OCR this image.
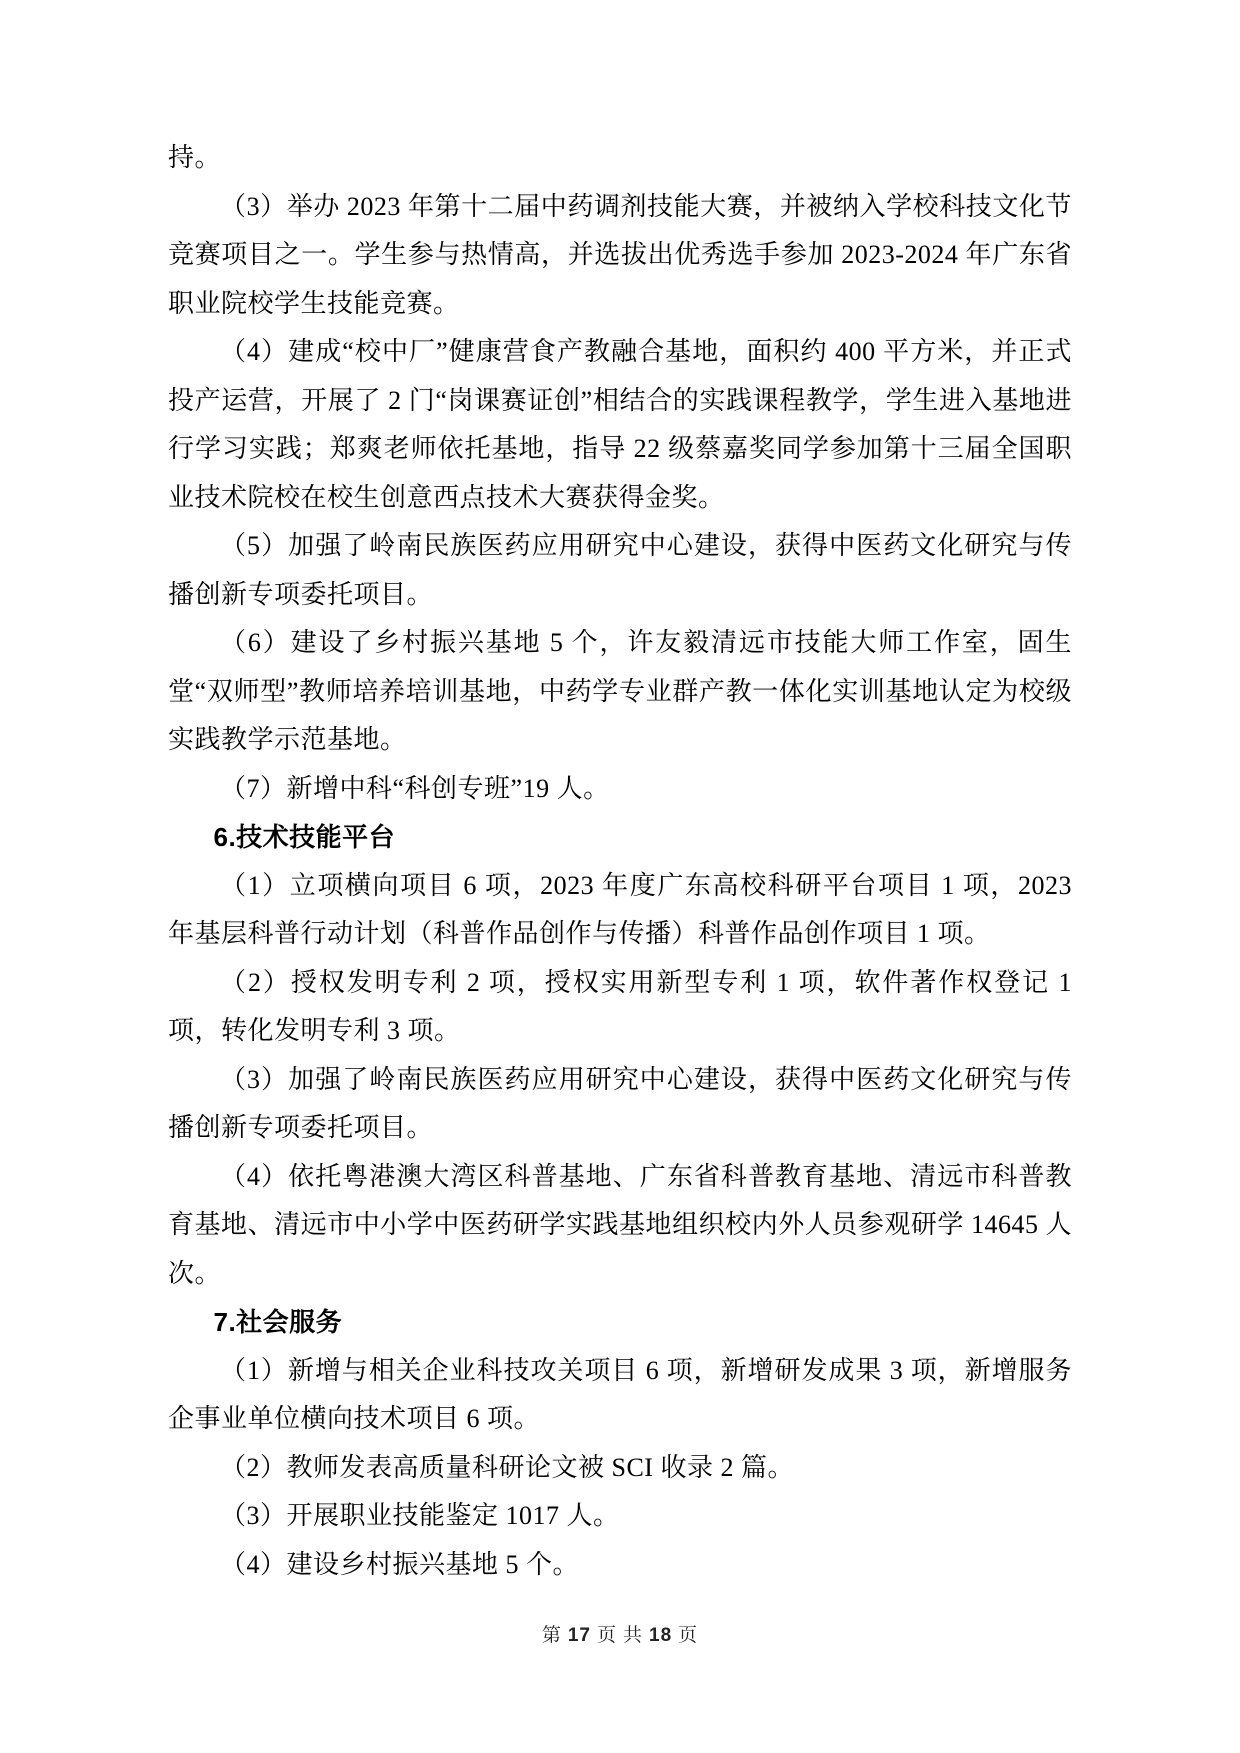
持。

（3）举办 2023 年第十二届中药调剂技能大赛，并被纳入学校科技文化节竞赛项目之一。学生参与热情高，并选拔出优秀选手参加 2023-2024 年广东省职业院校学生技能竞赛。

（4）建成“校中厂”健康营食产教融合基地，面积约 400 平方米，并正式投产运营，开展了 2 门“岗课赛证创”相结合的实践课程教学，学生进入基地进行学习实践；郑爽老师依托基地，指导 22 级蔡嘉奖同学参加第十三届全国职业技术院校在校生创意西点技术大赛获得金奖。

（5）加强了岭南民族医药应用研究中心建设，获得中医药文化研究与传播创新专项委托项目。

（6）建设了乡村振兴基地 5 个，许友毅清远市技能大师工作室，固生堂“双师型”教师培养培训基地，中药学专业群产教一体化实训基地认定为校级实践教学示范基地。

（7）新增中科“科创专班”19 人。

6.技术技能平台

（1）立项横向项目 6 项，2023 年度广东高校科研平台项目 1 项，2023 年基层科普行动计划（科普作品创作与传播）科普作品创作项目 1 项。

（2）授权发明专利 2 项，授权实用新型专利 1 项，软件著作权登记 1 项，转化发明专利 3 项。

（3）加强了岭南民族医药应用研究中心建设，获得中医药文化研究与传播创新专项委托项目。

（4）依托粤港澳大湾区科普基地、广东省科普教育基地、清远市科普教育基地、清远市中小学中医药研学实践基地组织校内外人员参观研学 14645 人次。

7.社会服务

（1）新增与相关企业科技攻关项目 6 项，新增研发成果 3 项，新增服务企事业单位横向技术项目 6 项。

（2）教师发表高质量科研论文被 SCI 收录 2 篇。

（3）开展职业技能鉴定 1017 人。

（4）建设乡村振兴基地 5 个。

第 17 页 共 18 页
